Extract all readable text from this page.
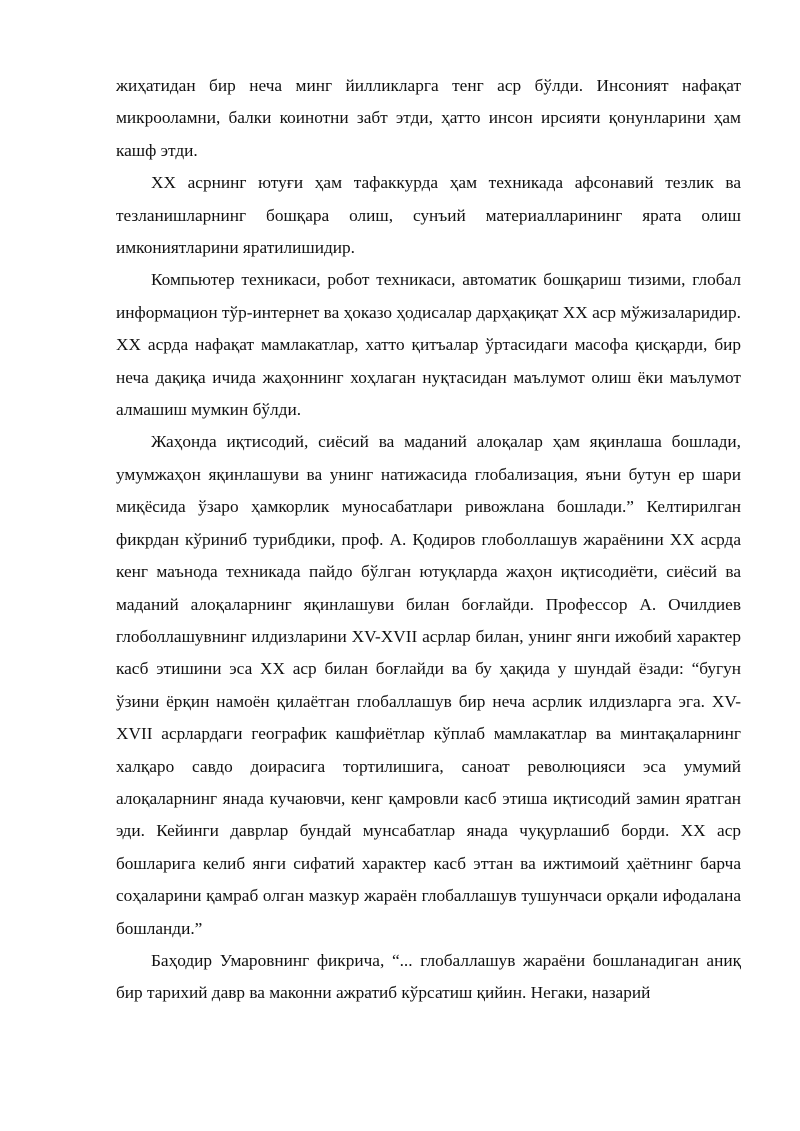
жиҳатидан бир неча минг йилликларга тенг аср бўлди. Инсоният нафақат микрооламни, балки коинотни забт этди, ҳатто инсон ирсияти қонунларини ҳам кашф этди.

XX асрнинг ютуғи ҳам тафаккурда ҳам техникада афсонавий тезлик ва тезланишларнинг бошқара олиш, сунъий материалларининг ярата олиш имкониятларини яратилишидир.

Компьютер техникаси, робот техникаси, автоматик бошқариш тизими, глобал информацион тўр-интернет ва ҳоказо ҳодисалар дарҳақиқат XX аср мўжизаларидир. XX асрда нафақат мамлакатлар, хатто қитъалар ўртасидаги масофа қисқарди, бир неча дақиқа ичида жаҳоннинг хоҳлаган нуқтасидан маълумот олиш ёки маълумот алмашиш мумкин бўлди.

Жаҳонда иқтисодий, сиёсий ва маданий алоқалар ҳам яқинлаша бошлади, умумжаҳон яқинлашуви ва унинг натижасида глобализация, яъни бутун ер шари миқёсида ўзаро ҳамкорлик муносабатлари ривожлана бошлади.” Келтирилган фикрдан кўриниб турибдики, проф. А. Қодиров глоболлашув жараёнини XX асрда кенг маънода техникада пайдо бўлган ютуқларда жаҳон иқтисодиёти, сиёсий ва маданий алоқаларнинг яқинлашуви билан боғлайди. Профессор А. Очилдиев глоболлашувнинг илдизларини XV-XVII асрлар билан, унинг янги ижобий характер касб этишини эса XX аср билан боғлайди ва бу ҳақида у шундай ёзади: “бугун ўзини ёрқин намоён қилаётган глобаллашув бир неча асрлик илдизларга эга. XV-XVII асрлардаги географик кашфиётлар кўплаб мамлакатлар ва минтақаларнинг халқаро савдо доирасига тортилишига, саноат революцияси эса умумий алоқаларнинг янада кучаювчи, кенг қамровли касб этиша иқтисодий замин яратган эди. Кейинги даврлар бундай мунсабатлар янада чуқурлашиб борди. XX аср бошларига келиб янги сифатий характер касб эттан ва ижтимоий ҳаётнинг барча соҳаларини қамраб олган мазкур жараён глобаллашув тушунчаси орқали ифодалана бошланди.”

Баҳодир Умаровнинг фикрича, “... глобаллашув жараёни бошланадиган аниқ бир тарихий давр ва маконни ажратиб кўрсатиш қийин. Негаки, назарий
